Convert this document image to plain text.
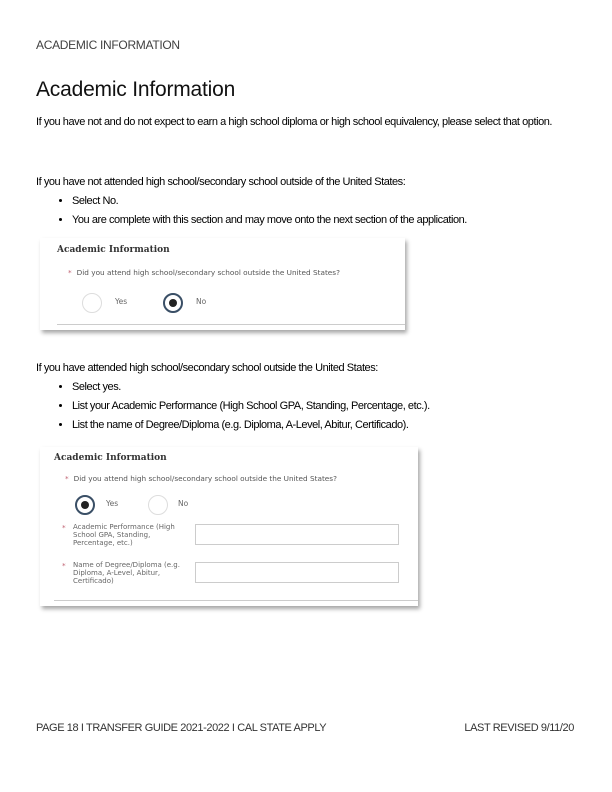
ACADEMIC INFORMATION
Academic Information
If you have not and do not expect to earn a high school diploma or high school equivalency, please select that option.
If you have not attended high school/secondary school outside of the United States:
• Select No.
• You are complete with this section and may move onto the next section of the application.
Academic Information
* Did you attend high school/secondary school outside the United States?
Yes	No
If you have attended high school/secondary school outside the United States:
• Select yes.
• List your Academic Performance (High School GPA, Standing, Percentage, etc.).
• List the name of Degree/Diploma (e.g. Diploma, A-Level, Abitur, Certificado).
Academic Information
* Did you attend high school/secondary school outside the United States?
Yes	No
* Academic Performance (High School GPA, Standing, Percentage, etc.)
* Name of Degree/Diploma (e.g. Diploma, A-Level, Abitur, Certificado)
PAGE 18 I TRANSFER GUIDE 2021-2022 I CAL STATE APPLY	LAST REVISED 9/11/20
